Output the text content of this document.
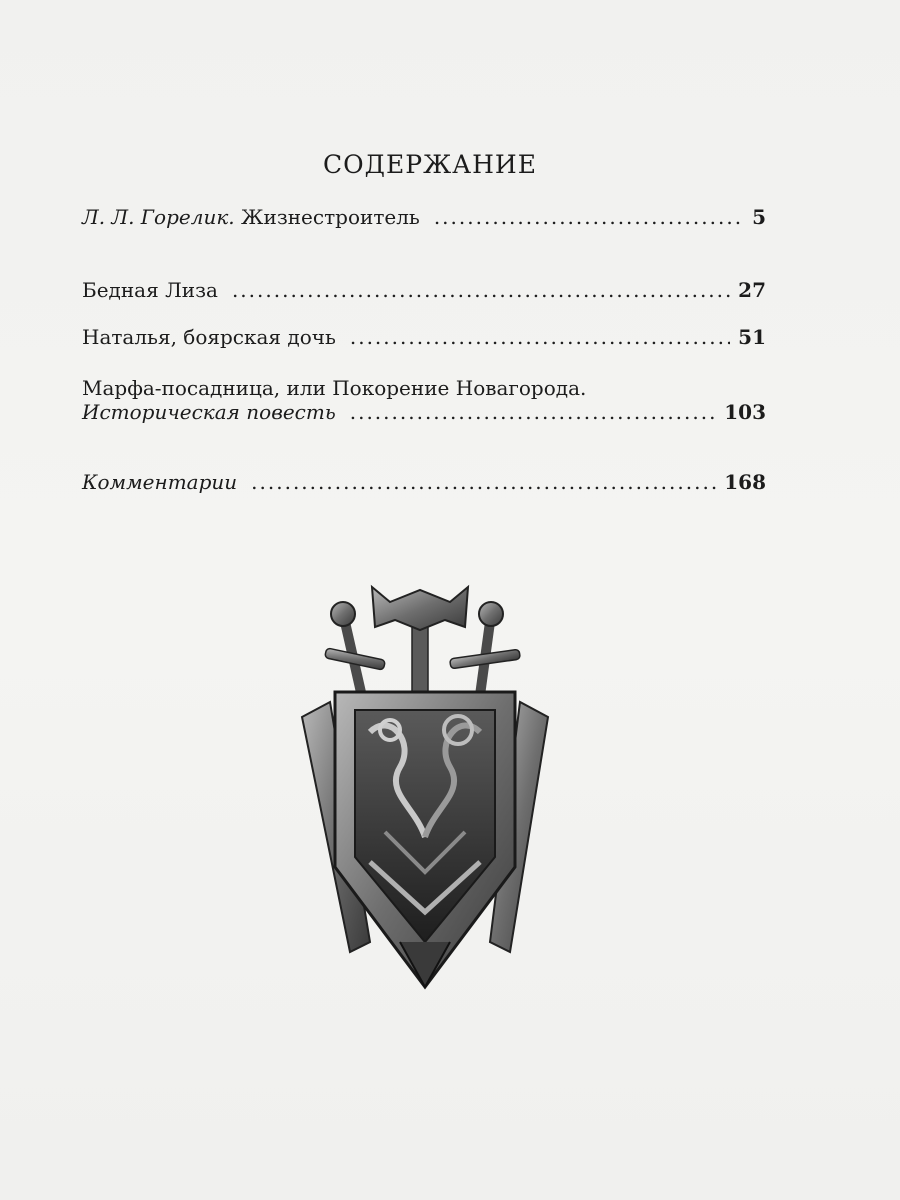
СОДЕРЖАНИЕ
Л. Л. Горелик. Жизнестроитель .....	5
Бедная Лиза .....	27
Наталья, боярская дочь .....	51
Марфа-посадница, или Покорение Новагорода.
Историческая повесть .....	103
Комментарии .....	168
